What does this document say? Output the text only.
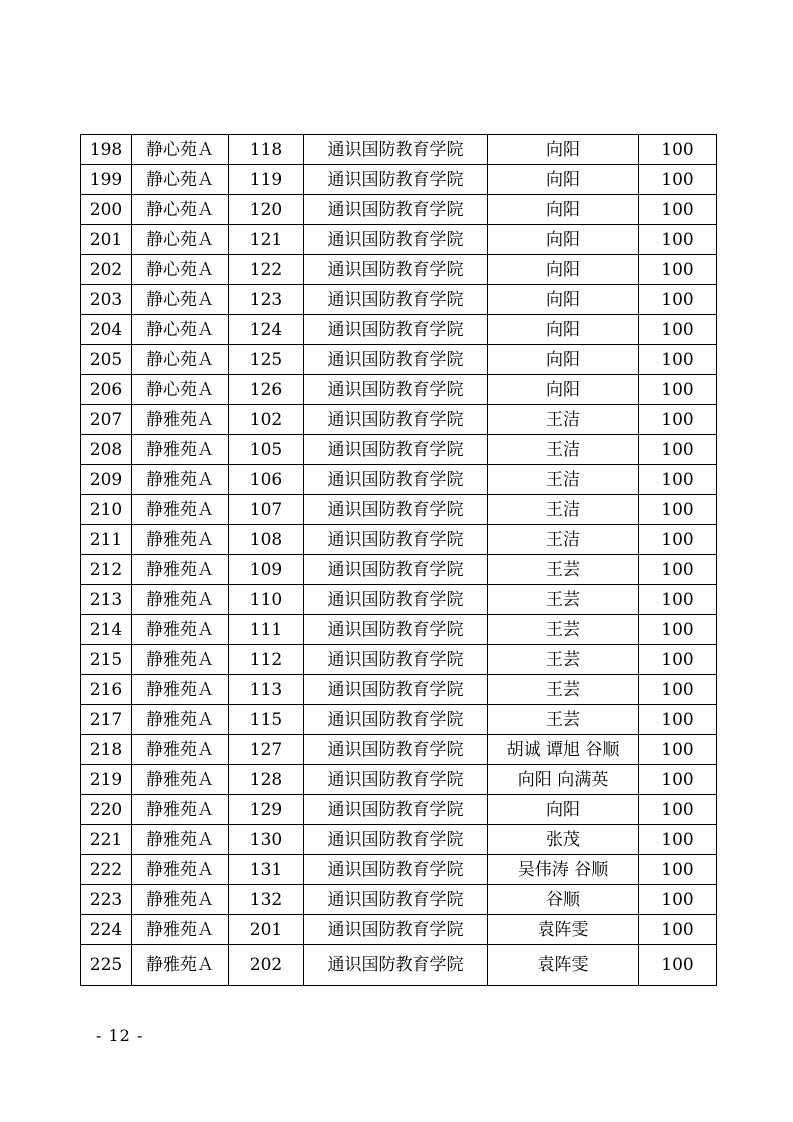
198	静心苑Ａ	118	通识国防教育学院	向阳	100
199	静心苑Ａ	119	通识国防教育学院	向阳	100
200	静心苑Ａ	120	通识国防教育学院	向阳	100
201	静心苑Ａ	121	通识国防教育学院	向阳	100
202	静心苑Ａ	122	通识国防教育学院	向阳	100
203	静心苑Ａ	123	通识国防教育学院	向阳	100
204	静心苑Ａ	124	通识国防教育学院	向阳	100
205	静心苑Ａ	125	通识国防教育学院	向阳	100
206	静心苑Ａ	126	通识国防教育学院	向阳	100
207	静雅苑Ａ	102	通识国防教育学院	王洁	100
208	静雅苑Ａ	105	通识国防教育学院	王洁	100
209	静雅苑Ａ	106	通识国防教育学院	王洁	100
210	静雅苑Ａ	107	通识国防教育学院	王洁	100
211	静雅苑Ａ	108	通识国防教育学院	王洁	100
212	静雅苑Ａ	109	通识国防教育学院	王芸	100
213	静雅苑Ａ	110	通识国防教育学院	王芸	100
214	静雅苑Ａ	111	通识国防教育学院	王芸	100
215	静雅苑Ａ	112	通识国防教育学院	王芸	100
216	静雅苑Ａ	113	通识国防教育学院	王芸	100
217	静雅苑Ａ	115	通识国防教育学院	王芸	100
218	静雅苑Ａ	127	通识国防教育学院	胡诚 谭旭 谷顺	100
219	静雅苑Ａ	128	通识国防教育学院	向阳 向满英	100
220	静雅苑Ａ	129	通识国防教育学院	向阳	100
221	静雅苑Ａ	130	通识国防教育学院	张茂	100
222	静雅苑Ａ	131	通识国防教育学院	吴伟涛 谷顺	100
223	静雅苑Ａ	132	通识国防教育学院	谷顺	100
224	静雅苑Ａ	201	通识国防教育学院	袁阵雯	100
225	静雅苑Ａ	202	通识国防教育学院	袁阵雯	100
- 12 -
